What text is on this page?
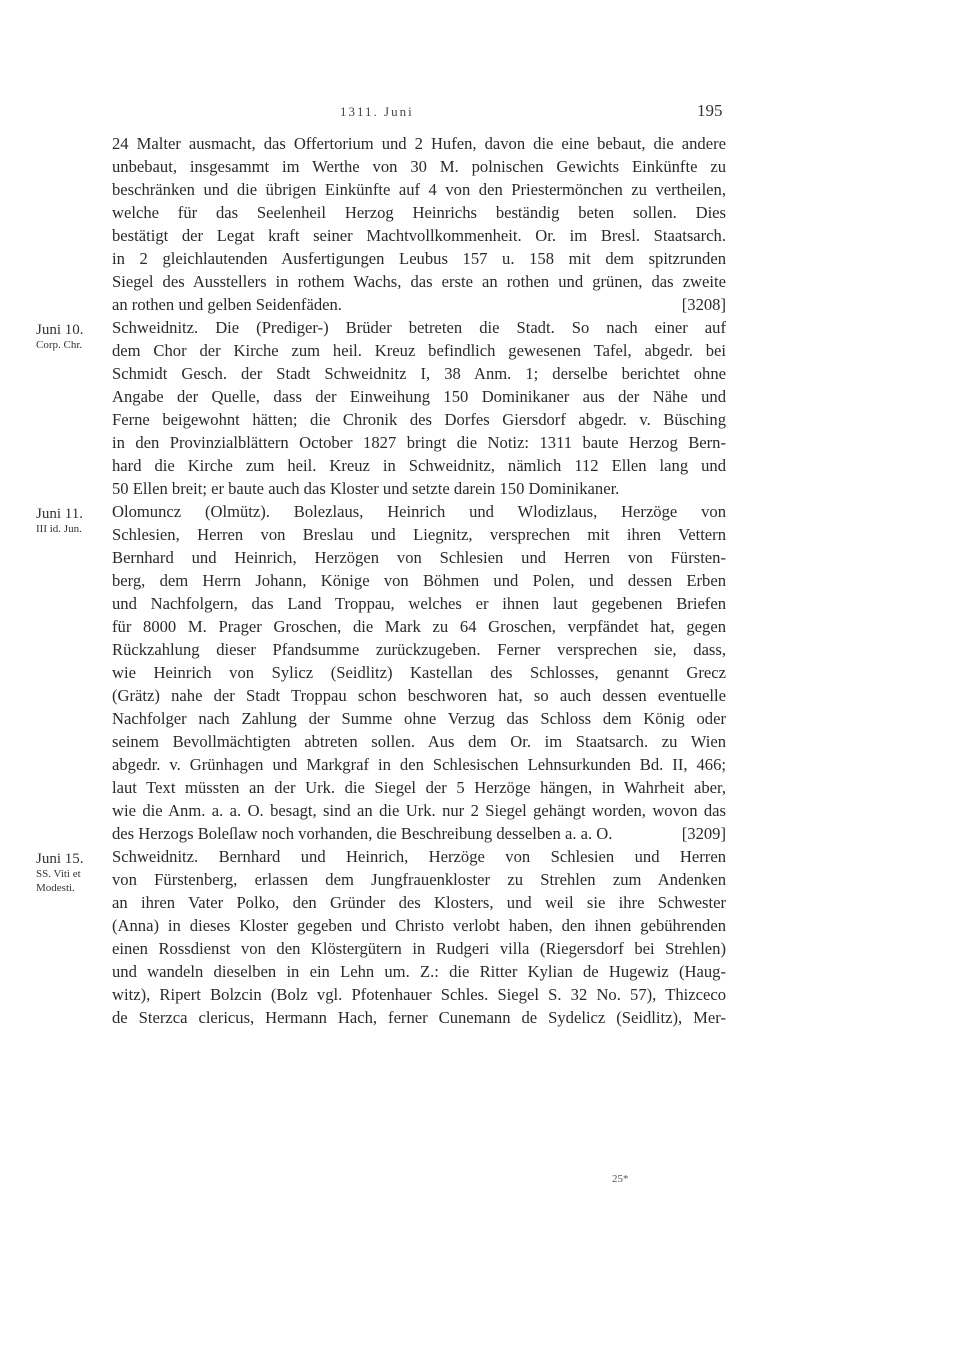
1311. Juni	195
24 Malter ausmacht, das Offertorium und 2 Hufen, davon die eine bebaut, die andere
unbebaut, insgesammt im Werthe von 30 M. polnischen Gewichts Einkünfte zu
beschränken und die übrigen Einkünfte auf 4 von den Priestermönchen zu vertheilen,
welche für das Seelenheil Herzog Heinrichs beständig beten sollen. Dies
bestätigt der Legat kraft seiner Machtvollkommenheit. Or. im Bresl. Staatsarch.
in 2 gleichlautenden Ausfertigungen Leubus 157 u. 158 mit dem spitzrunden
Siegel des Ausstellers in rothem Wachs, das erste an rothen und grünen, das zweite
an rothen und gelben Seidenfäden.	[3208]
Juni 10.
Corp. Chr.
Schweidnitz. Die (Prediger-) Brüder betreten die Stadt. So nach einer auf
dem Chor der Kirche zum heil. Kreuz befindlich gewesenen Tafel, abgedr. bei
Schmidt Gesch. der Stadt Schweidnitz I, 38 Anm. 1; derselbe berichtet ohne
Angabe der Quelle, dass der Einweihung 150 Dominikaner aus der Nähe und
Ferne beigewohnt hätten; die Chronik des Dorfes Giersdorf abgedr. v. Büsching
in den Provinzialblättern October 1827 bringt die Notiz: 1311 baute Herzog Bern-
hard die Kirche zum heil. Kreuz in Schweidnitz, nämlich 112 Ellen lang und
50 Ellen breit; er baute auch das Kloster und setzte darein 150 Dominikaner.
Juni 11.
III id. Jun.
Olomuncz (Olmütz). Bolezlaus, Heinrich und Wlodizlaus, Herzöge von
Schlesien, Herren von Breslau und Liegnitz, versprechen mit ihren Vettern
Bernhard und Heinrich, Herzögen von Schlesien und Herren von Fürsten-
berg, dem Herrn Johann, Könige von Böhmen und Polen, und dessen Erben
und Nachfolgern, das Land Troppau, welches er ihnen laut gegebenen Briefen
für 8000 M. Prager Groschen, die Mark zu 64 Groschen, verpfändet hat, gegen
Rückzahlung dieser Pfandsumme zurückzugeben. Ferner versprechen sie, dass,
wie Heinrich von Sylicz (Seidlitz) Kastellan des Schlosses, genannt Grecz
(Grätz) nahe der Stadt Troppau schon beschworen hat, so auch dessen eventuelle
Nachfolger nach Zahlung der Summe ohne Verzug das Schloss dem König oder
seinem Bevollmächtigten abtreten sollen. Aus dem Or. im Staatsarch. zu Wien
abgedr. v. Grünhagen und Markgraf in den Schlesischen Lehnsurkunden Bd. II, 466;
laut Text müssten an der Urk. die Siegel der 5 Herzöge hängen, in Wahrheit aber,
wie die Anm. a. a. O. besagt, sind an die Urk. nur 2 Siegel gehängt worden, wovon das
des Herzogs Boleſlaw noch vorhanden, die Beschreibung desselben a. a. O.	[3209]
Juni 15.
SS. Viti et Modesti.
Schweidnitz. Bernhard und Heinrich, Herzöge von Schlesien und Herren
von Fürstenberg, erlassen dem Jungfrauenkloster zu Strehlen zum Andenken
an ihren Vater Polko, den Gründer des Klosters, und weil sie ihre Schwester
(Anna) in dieses Kloster gegeben und Christo verlobt haben, den ihnen gebührenden
einen Rossdienst von den Klöstergütern in Rudgeri villa (Riegersdorf bei Strehlen)
und wandeln dieselben in ein Lehn um. Z.: die Ritter Kylian de Hugewiz (Haug-
witz), Ripert Bolzcin (Bolz vgl. Pfotenhauer Schles. Siegel S. 32 No. 57), Thizceco
de Sterzca clericus, Hermann Hach, ferner Cunemann de Sydelicz (Seidlitz), Mer-
25*
